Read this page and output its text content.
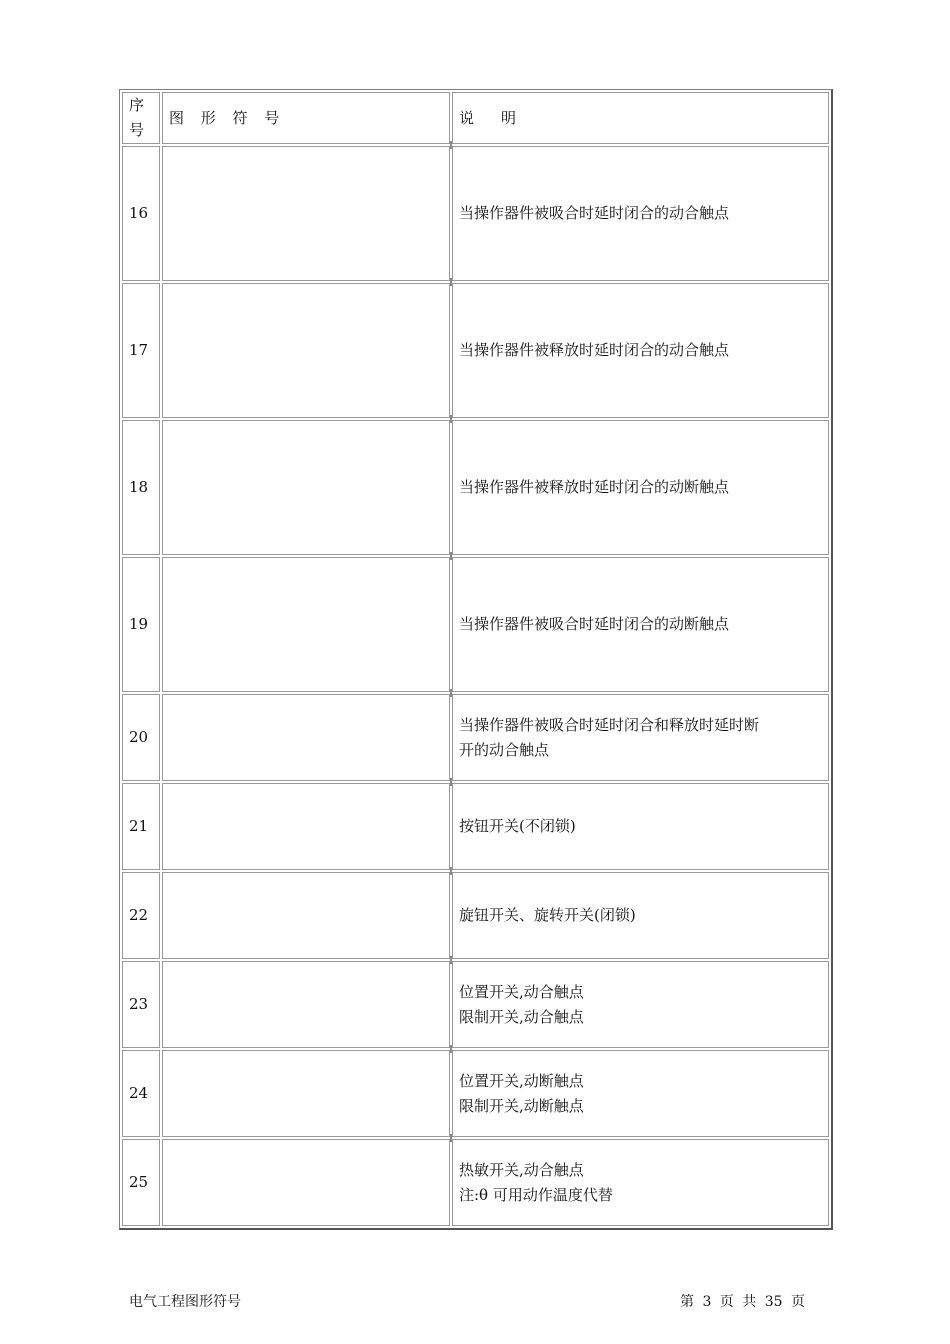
序号	图 形 符 号	说　明
16		当操作器件被吸合时延时闭合的动合触点

17		当操作器件被释放时延时闭合的动合触点

18		当操作器件被释放时延时闭合的动断触点

19		当操作器件被吸合时延时闭合的动断触点

20		当操作器件被吸合时延时闭合和释放时延时断
开的动合触点

21		按钮开关(不闭锁)

22		旋钮开关、旋转开关(闭锁)

23		位置开关,动合触点
限制开关,动合触点

24		位置开关,动断触点
限制开关,动断触点

25		热敏开关,动合触点
注:θ 可用动作温度代替
电气工程图形符号	第 3 页 共 35 页
